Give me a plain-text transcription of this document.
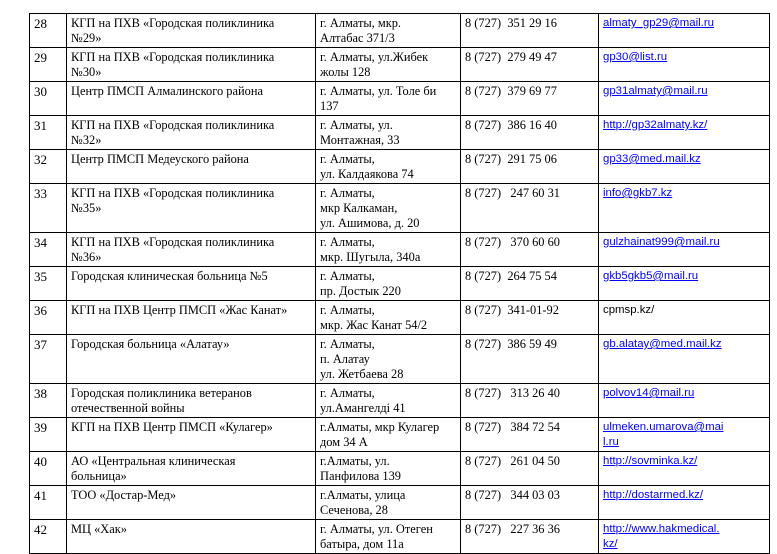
28	КГП на ПХВ «Городская поликлиника
№29»	г. Алматы, мкр.
Алтабас 371/3	8 (727)  351 29 16	almaty_gp29@mail.ru

29	КГП на ПХВ «Городская поликлиника
№30»	г. Алматы, ул.Жибек
жолы 128	8 (727)  279 49 47	gp30@list.ru

30	Центр ПМСП Алмалинского района	г. Алматы, ул. Толе би
137	8 (727)  379 69 77	gp31almaty@mail.ru

31	КГП на ПХВ «Городская поликлиника
№32»	г. Алматы, ул.
Монтажная, 33	8 (727)  386 16 40	http://gp32almaty.kz/

32	Центр ПМСП Медеуского района	г. Алматы,
ул. Калдаякова 74	8 (727)  291 75 06	gp33@med.mail.kz

33	КГП на ПХВ «Городская поликлиника
№35»	г. Алматы,
мкр Калкаман,
ул. Ашимова, д. 20	8 (727)   247 60 31	info@gkb7.kz

34	КГП на ПХВ «Городская поликлиника
№36»	г. Алматы,
мкр. Шугыла, 340а	8 (727)   370 60 60	gulzhainat999@mail.ru

35	Городская клиническая больница №5	г. Алматы,
пр. Достык 220	8 (727)  264 75 54	gkb5gkb5@mail.ru

36	КГП на ПХВ Центр ПМСП «Жас Канат»	г. Алматы,
мкр. Жас Канат 54/2	8 (727)  341-01-92	cpmsp.kz/

37	Городская больница «Алатау»	г. Алматы,
п. Алатау
ул. Жетбаева 28	8 (727)  386 59 49	gb.alatay@med.mail.kz

38	Городская поликлиника ветеранов
отечественной войны	г. Алматы,
ул.Амангелді 41	8 (727)   313 26 40	polvov14@mail.ru

39	КГП на ПХВ Центр ПМСП «Кулагер»	г.Алматы, мкр Кулагер
дом 34 А	8 (727)   384 72 54	ulmeken.umarova@mai
l.ru

40	АО «Центральная клиническая
больница»	г.Алматы, ул.
Панфилова 139	8 (727)   261 04 50	http://sovminka.kz/

41	ТОО «Достар-Мед»	г.Алматы, улица
Сеченова, 28	8 (727)   344 03 03	http://dostarmed.kz/

42	МЦ «Хак»	г. Алматы, ул. Отеген
батыра, дом 11а	8 (727)   227 36 36	http://www.hakmedical.
kz/
